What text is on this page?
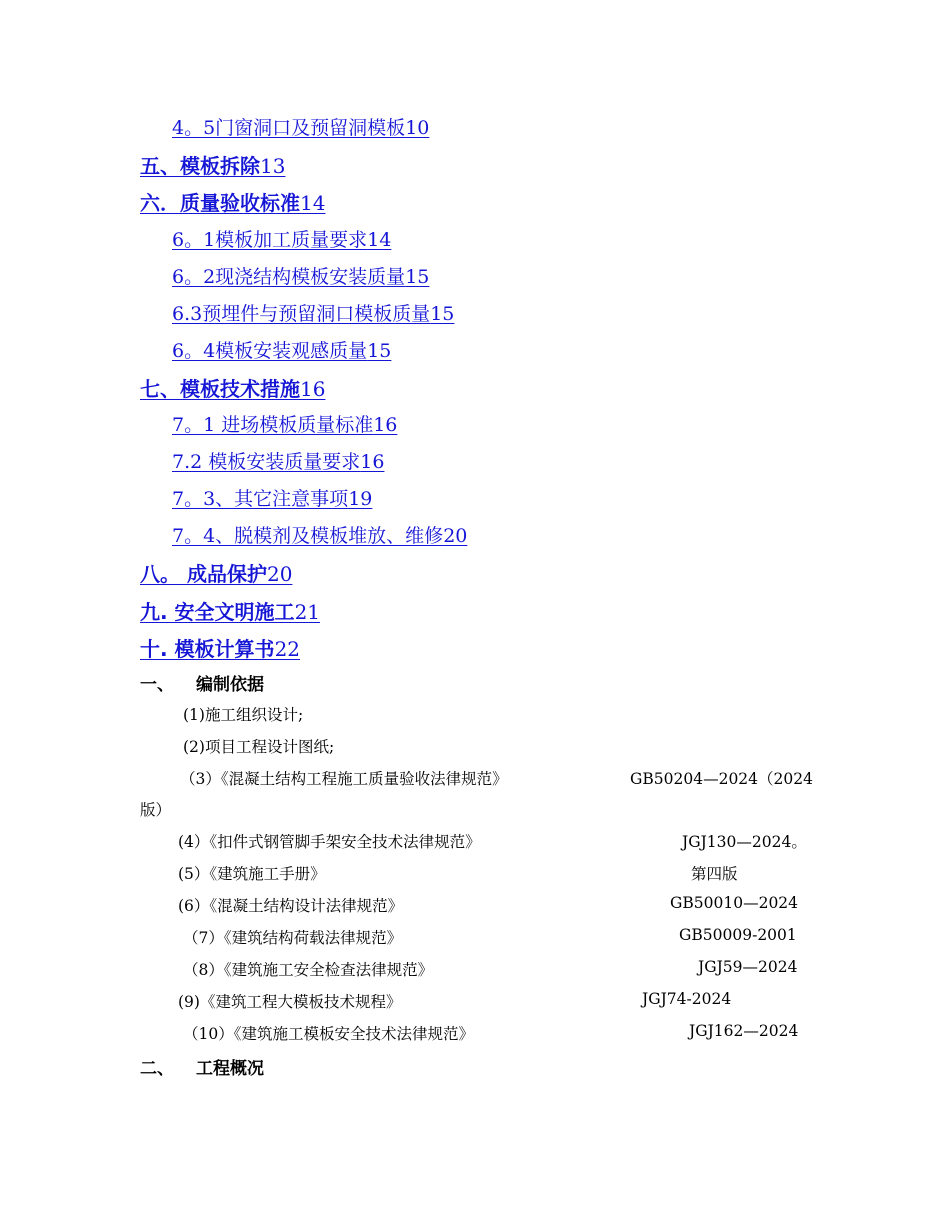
4。5门窗洞口及预留洞模板10
五、模板拆除13
六．质量验收标准14
6。1模板加工质量要求14
6。2现浇结构模板安装质量15
6.3预埋件与预留洞口模板质量15
6。4模板安装观感质量15
七、模板技术措施16
7。1 进场模板质量标准16
7.2 模板安装质量要求16
7。3、其它注意事项19
7。4、脱模剂及模板堆放、维修20
八。 成品保护20
九. 安全文明施工21
十. 模板计算书22
一、 编制依据
(1)施工组织设计;
(2)项目工程设计图纸;
（3）《混凝土结构工程施工质量验收法律规范》	GB50204—2024（2024
版）
(4）《扣件式钢管脚手架安全技术法律规范》	JGJ130—2024。
(5）《建筑施工手册》	第四版
(6）《混凝土结构设计法律规范》	GB50010—2024
（7）《建筑结构荷载法律规范》	GB50009-2001
（8）《建筑施工安全检查法律规范》	JGJ59—2024
(9)《建筑工程大模板技术规程》	JGJ74-2024
（10）《建筑施工模板安全技术法律规范》	JGJ162—2024
二、 工程概况
